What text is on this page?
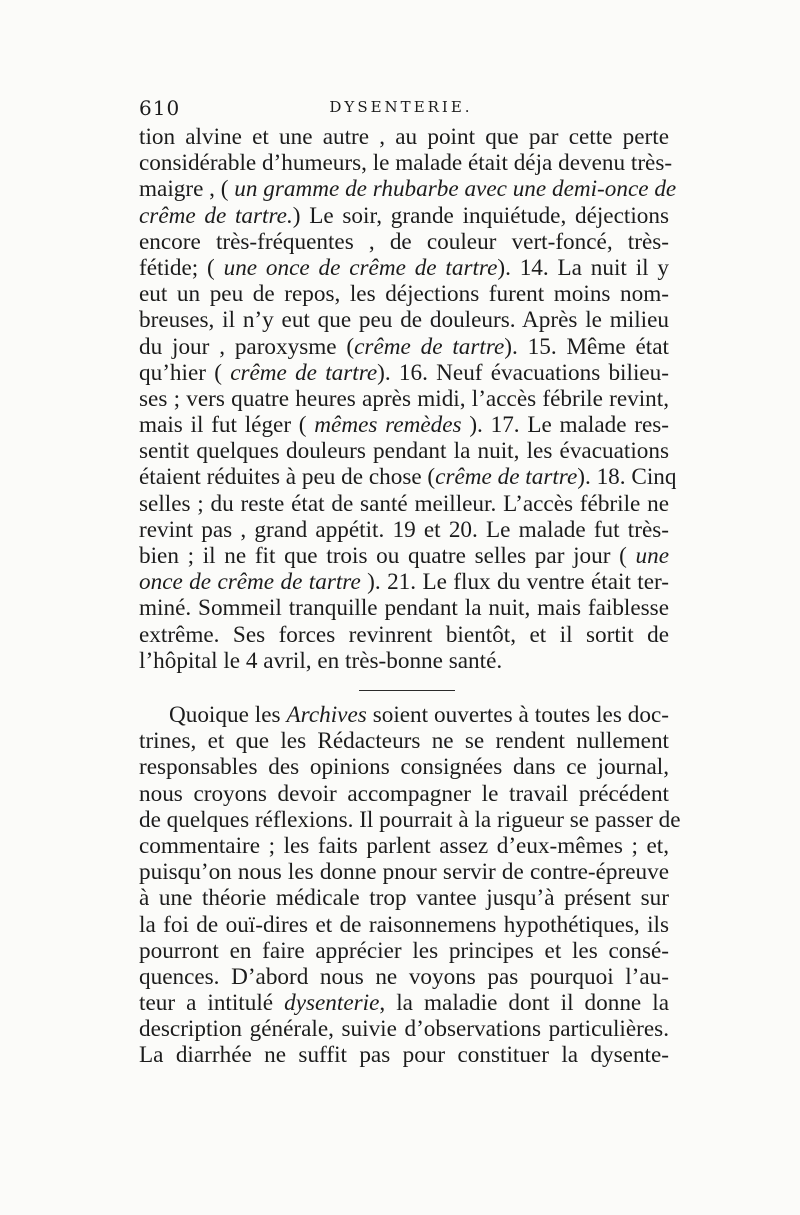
610	DYSENTERIE.
tion alvine et une autre , au point que par cette perte
considérable d’humeurs, le malade était déja devenu très-
maigre , ( un gramme de rhubarbe avec une demi-once de
crême de tartre.) Le soir, grande inquiétude, déjections
encore très-fréquentes , de couleur vert-foncé, très-
fétide; ( une once de crême de tartre). 14. La nuit il y
eut un peu de repos, les déjections furent moins nom-
breuses, il n’y eut que peu de douleurs. Après le milieu
du jour , paroxysme (crême de tartre). 15. Même état
qu’hier ( crême de tartre). 16. Neuf évacuations bilieu-
ses ; vers quatre heures après midi, l’accès fébrile revint,
mais il fut léger ( mêmes remèdes ). 17. Le malade res-
sentit quelques douleurs pendant la nuit, les évacuations
étaient réduites à peu de chose (crême de tartre). 18. Cinq
selles ; du reste état de santé meilleur. L’accès fébrile ne
revint pas , grand appétit. 19 et 20. Le malade fut très-
bien ; il ne fit que trois ou quatre selles par jour ( une
once de crême de tartre ). 21. Le flux du ventre était ter-
miné. Sommeil tranquille pendant la nuit, mais faiblesse
extrême. Ses forces revinrent bientôt, et il sortit de
l’hôpital le 4 avril, en très-bonne santé.
Quoique les Archives soient ouvertes à toutes les doc-
trines, et que les Rédacteurs ne se rendent nullement
responsables des opinions consignées dans ce journal,
nous croyons devoir accompagner le travail précédent
de quelques réflexions. Il pourrait à la rigueur se passer de
commentaire ; les faits parlent assez d’eux-mêmes ; et,
puisqu’on nous les donne pnour servir de contre-épreuve
à une théorie médicale trop vantee jusqu’à présent sur
la foi de ouï-dires et de raisonnemens hypothétiques, ils
pourront en faire apprécier les principes et les consé-
quences. D’abord nous ne voyons pas pourquoi l’au-
teur a intitulé dysenterie, la maladie dont il donne la
description générale, suivie d’observations particulières.
La diarrhée ne suffit pas pour constituer la dysente-
